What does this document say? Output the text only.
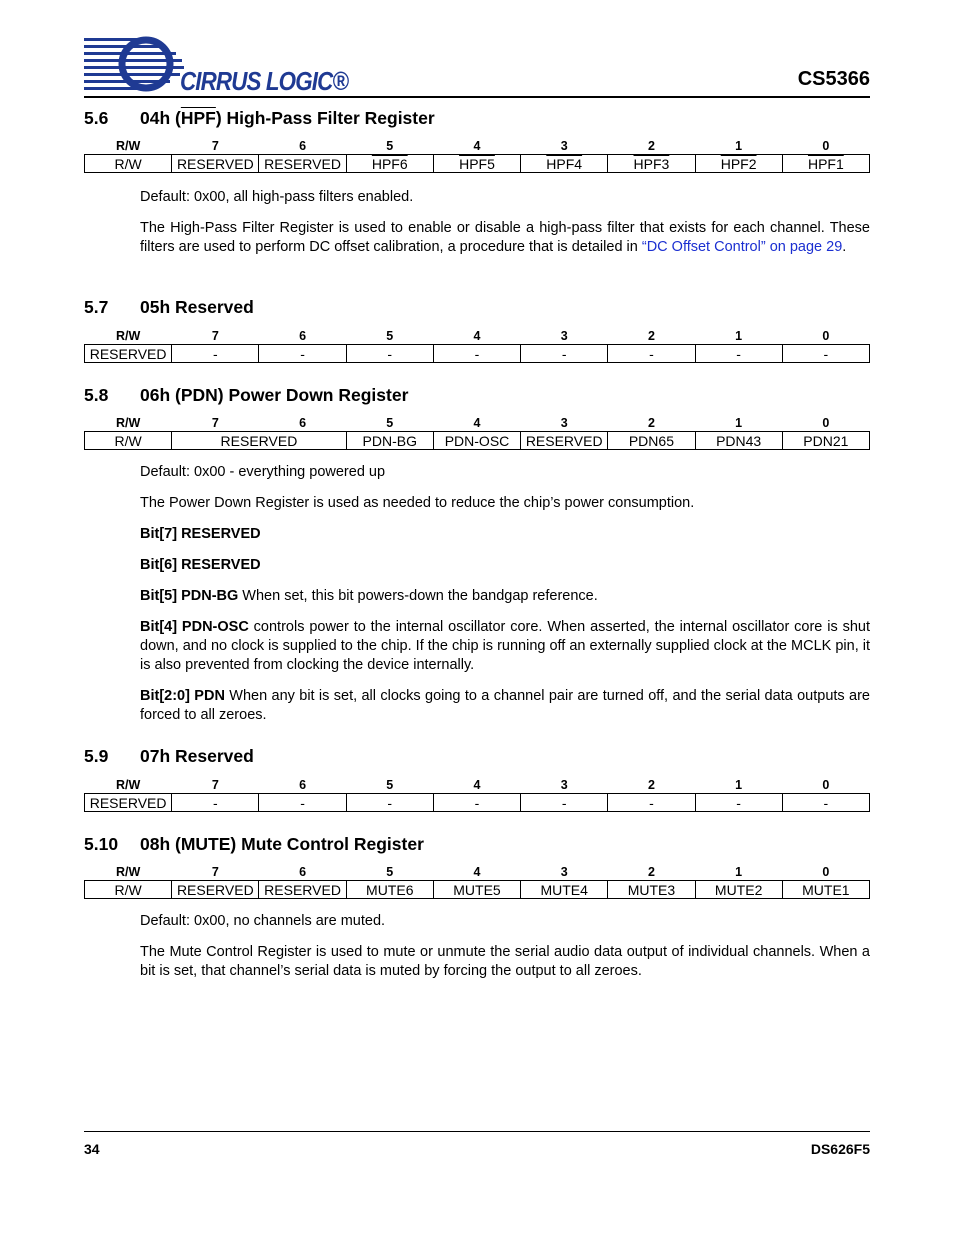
CIRRUS LOGIC®	CS5366
5.6 04h $(\overline{HPF})$ High-Pass Filter Register
R/W	7	6	5	4	3	2	1	0
R/W	RESERVED	RESERVED	HPF6	HPF5	HPF4	HPF3	HPF2	HPF1
Default: 0x00, all high-pass filters enabled.
The High-Pass Filter Register is used to enable or disable a high-pass filter that exists for each channel. These filters are used to perform DC offset calibration, a procedure that is detailed in “DC Offset Control” on page 29.
5.7 05h Reserved
R/W	7	6	5	4	3	2	1	0
RESERVED	-	-	-	-	-	-	-	-
5.8 06h (PDN) Power Down Register
R/W	7	6	5	4	3	2	1	0
R/W	RESERVED		PDN-BG	PDN-OSC	RESERVED	PDN65	PDN43	PDN21
Default: 0x00 - everything powered up
The Power Down Register is used as needed to reduce the chip’s power consumption.
Bit[7] RESERVED
Bit[6] RESERVED
Bit[5] PDN-BG When set, this bit powers-down the bandgap reference.
Bit[4] PDN-OSC controls power to the internal oscillator core. When asserted, the internal oscillator core is shut down, and no clock is supplied to the chip. If the chip is running off an externally supplied clock at the MCLK pin, it is also prevented from clocking the device internally.
Bit[2:0] PDN When any bit is set, all clocks going to a channel pair are turned off, and the serial data outputs are forced to all zeroes.
5.9 07h Reserved
R/W	7	6	5	4	3	2	1	0
RESERVED	-	-	-	-	-	-	-	-
5.10 08h (MUTE) Mute Control Register
R/W	7	6	5	4	3	2	1	0
R/W	RESERVED	RESERVED	MUTE6	MUTE5	MUTE4	MUTE3	MUTE2	MUTE1
Default: 0x00, no channels are muted.
The Mute Control Register is used to mute or unmute the serial audio data output of individual channels. When a bit is set, that channel’s serial data is muted by forcing the output to all zeroes.
34	DS626F5
